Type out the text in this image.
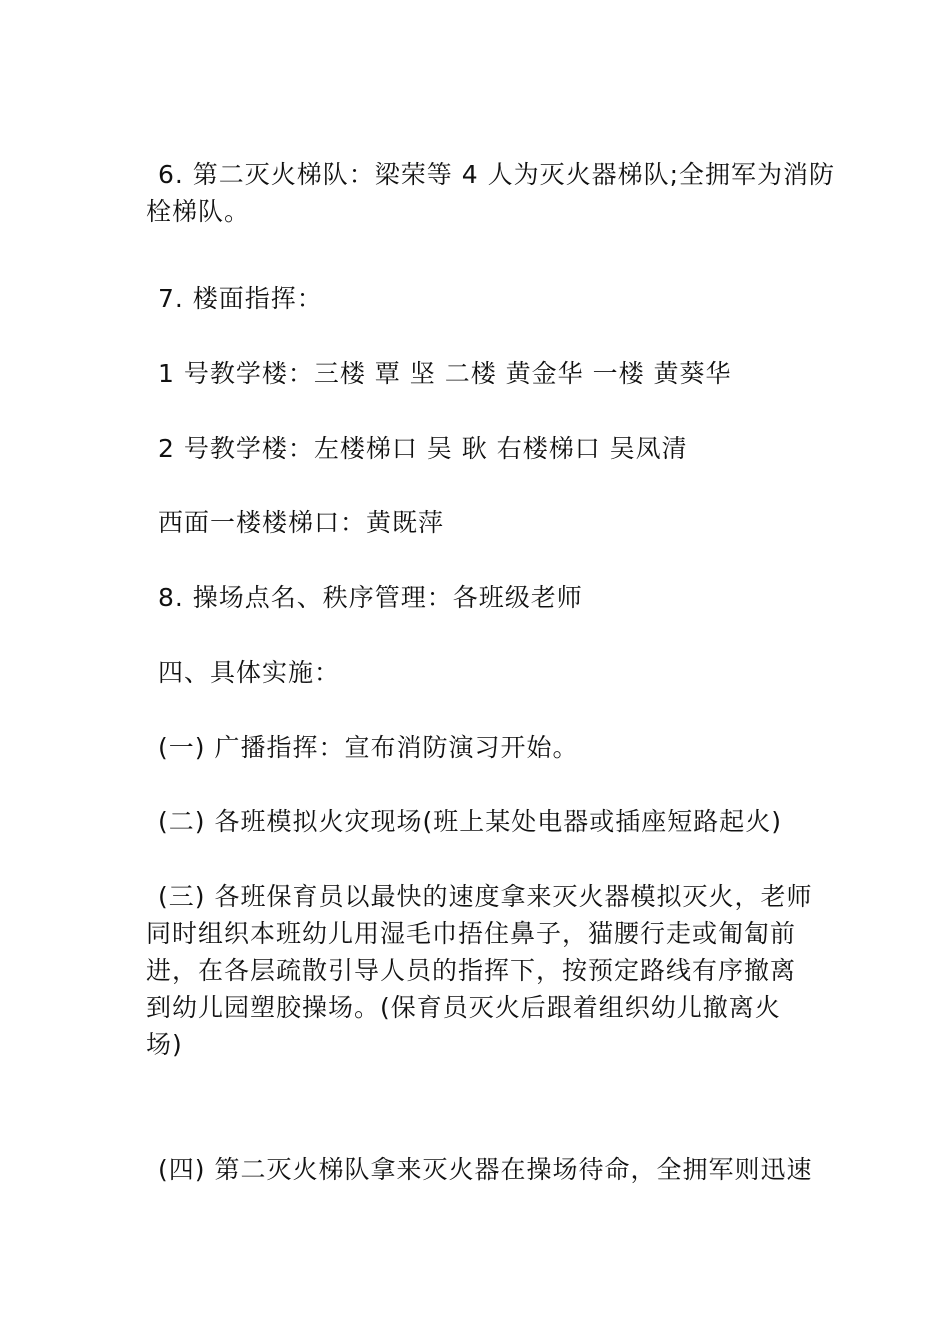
6. 第二灭火梯队：梁荣等 4 人为灭火器梯队;全拥军为消防
栓梯队。
7. 楼面指挥：
1 号教学楼：三楼 覃 坚 二楼 黄金华 一楼 黄葵华
2 号教学楼：左楼梯口 吴 耿 右楼梯口 吴凤清
西面一楼楼梯口：黄既萍
8. 操场点名、秩序管理：各班级老师
四、具体实施：
(一) 广播指挥：宣布消防演习开始。
(二) 各班模拟火灾现场(班上某处电器或插座短路起火)
(三) 各班保育员以最快的速度拿来灭火器模拟灭火，老师
同时组织本班幼儿用湿毛巾捂住鼻子，猫腰行走或匍匐前
进，在各层疏散引导人员的指挥下，按预定路线有序撤离
到幼儿园塑胶操场。(保育员灭火后跟着组织幼儿撤离火
场)
(四) 第二灭火梯队拿来灭火器在操场待命，全拥军则迅速
